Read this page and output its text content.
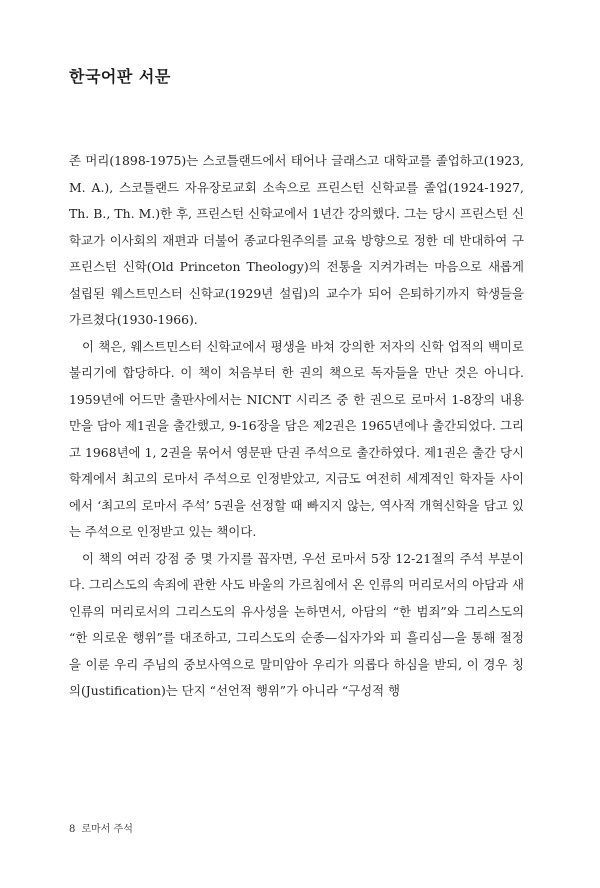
한국어판 서문

존 머리(1898-1975)는 스코틀랜드에서 태어나 글래스고 대학교를 졸업하고(1923, M. A.), 스코틀랜드 자유장로교회 소속으로 프린스턴 신학교를 졸업(1924-1927, Th. B., Th. M.)한 후, 프린스턴 신학교에서 1년간 강의했다. 그는 당시 프린스턴 신학교가 이사회의 재편과 더불어 종교다원주의를 교육 방향으로 정한 데 반대하여 구 프린스턴 신학(Old Princeton Theology)의 전통을 지켜가려는 마음으로 새롭게 설립된 웨스트민스터 신학교(1929년 설립)의 교수가 되어 은퇴하기까지 학생들을 가르쳤다(1930-1966).

이 책은, 웨스트민스터 신학교에서 평생을 바쳐 강의한 저자의 신학 업적의 백미로 불리기에 합당하다. 이 책이 처음부터 한 권의 책으로 독자들을 만난 것은 아니다. 1959년에 어드만 출판사에서는 NICNT 시리즈 중 한 권으로 로마서 1-8장의 내용만을 담아 제1권을 출간했고, 9-16장을 담은 제2권은 1965년에나 출간되었다. 그리고 1968년에 1, 2권을 묶어서 영문판 단권 주석으로 출간하였다. 제1권은 출간 당시 학계에서 최고의 로마서 주석으로 인정받았고, 지금도 여전히 세계적인 학자들 사이에서 ‘최고의 로마서 주석’ 5권을 선정할 때 빠지지 않는, 역사적 개혁신학을 담고 있는 주석으로 인정받고 있는 책이다.

이 책의 여러 강점 중 몇 가지를 꼽자면, 우선 로마서 5장 12-21절의 주석 부분이다. 그리스도의 속죄에 관한 사도 바울의 가르침에서 온 인류의 머리로서의 아담과 새 인류의 머리로서의 그리스도의 유사성을 논하면서, 아담의 “한 범죄”와 그리스도의 “한 의로운 행위”를 대조하고, 그리스도의 순종—십자가와 피 흘리심—을 통해 절정을 이룬 우리 주님의 중보사역으로 말미암아 우리가 의롭다 하심을 받되, 이 경우 칭의(Justification)는 단지 “선언적 행위”가 아니라 “구성적 행

8 로마서 주석
